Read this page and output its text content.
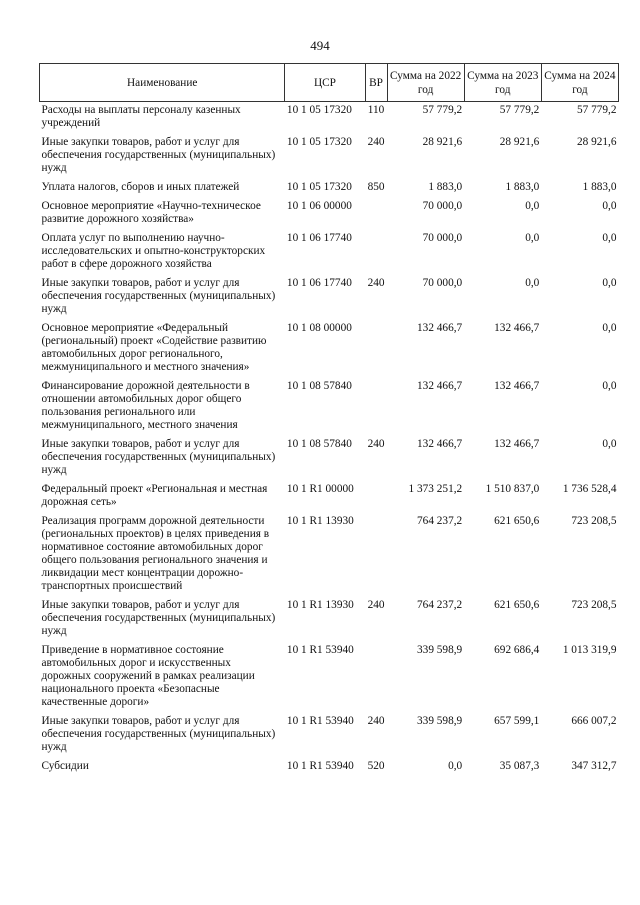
494
Наименование	ЦСР	ВР	Сумма на 2022 год	Сумма на 2023 год	Сумма на 2024 год
Расходы на выплаты персоналу казенных учреждений	10 1 05 17320	110	57 779,2	57 779,2	57 779,2
Иные закупки товаров, работ и услуг для обеспечения государственных (муниципальных) нужд	10 1 05 17320	240	28 921,6	28 921,6	28 921,6
Уплата налогов, сборов и иных платежей	10 1 05 17320	850	1 883,0	1 883,0	1 883,0
Основное мероприятие «Научно-техническое развитие дорожного хозяйства»	10 1 06 00000		70 000,0	0,0	0,0
Оплата услуг по выполнению научно-исследовательских и опытно-конструкторских работ в сфере дорожного хозяйства	10 1 06 17740		70 000,0	0,0	0,0
Иные закупки товаров, работ и услуг для обеспечения государственных (муниципальных) нужд	10 1 06 17740	240	70 000,0	0,0	0,0
Основное мероприятие «Федеральный (региональный) проект «Содействие развитию автомобильных дорог регионального, межмуниципального и местного значения»	10 1 08 00000		132 466,7	132 466,7	0,0
Финансирование дорожной деятельности в отношении автомобильных дорог общего пользования регионального или межмуниципального, местного значения	10 1 08 57840		132 466,7	132 466,7	0,0
Иные закупки товаров, работ и услуг для обеспечения государственных (муниципальных) нужд	10 1 08 57840	240	132 466,7	132 466,7	0,0
Федеральный проект «Региональная и местная дорожная сеть»	10 1 R1 00000		1 373 251,2	1 510 837,0	1 736 528,4
Реализация программ дорожной деятельности (региональных проектов) в целях приведения в нормативное состояние автомобильных дорог общего пользования регионального значения и ликвидации мест концентрации дорожно-транспортных происшествий	10 1 R1 13930		764 237,2	621 650,6	723 208,5
Иные закупки товаров, работ и услуг для обеспечения государственных (муниципальных) нужд	10 1 R1 13930	240	764 237,2	621 650,6	723 208,5
Приведение в нормативное состояние автомобильных дорог и искусственных дорожных сооружений в рамках реализации национального проекта «Безопасные качественные дороги»	10 1 R1 53940		339 598,9	692 686,4	1 013 319,9
Иные закупки товаров, работ и услуг для обеспечения государственных (муниципальных) нужд	10 1 R1 53940	240	339 598,9	657 599,1	666 007,2
Субсидии	10 1 R1 53940	520	0,0	35 087,3	347 312,7
